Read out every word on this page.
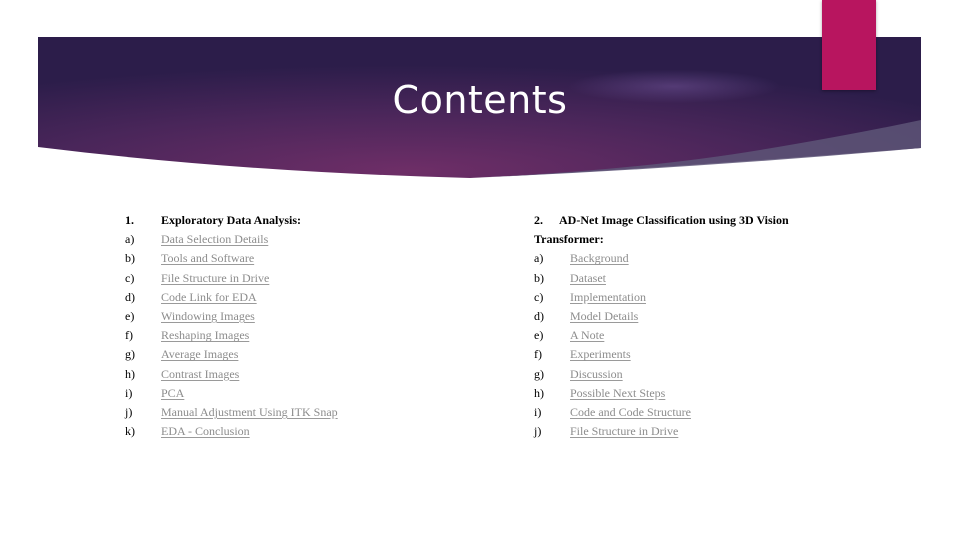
Contents
1. Exploratory Data Analysis:
a) Data Selection Details
b) Tools and Software
c) File Structure in Drive
d) Code Link for EDA
e) Windowing Images
f) Reshaping Images
g) Average Images
h) Contrast Images
i) PCA
j) Manual Adjustment Using ITK Snap
k) EDA - Conclusion
2. AD-Net Image Classification using 3D Vision
Transformer:
a) Background
b) Dataset
c) Implementation
d) Model Details
e) A Note
f) Experiments
g) Discussion
h) Possible Next Steps
i) Code and Code Structure
j) File Structure in Drive
